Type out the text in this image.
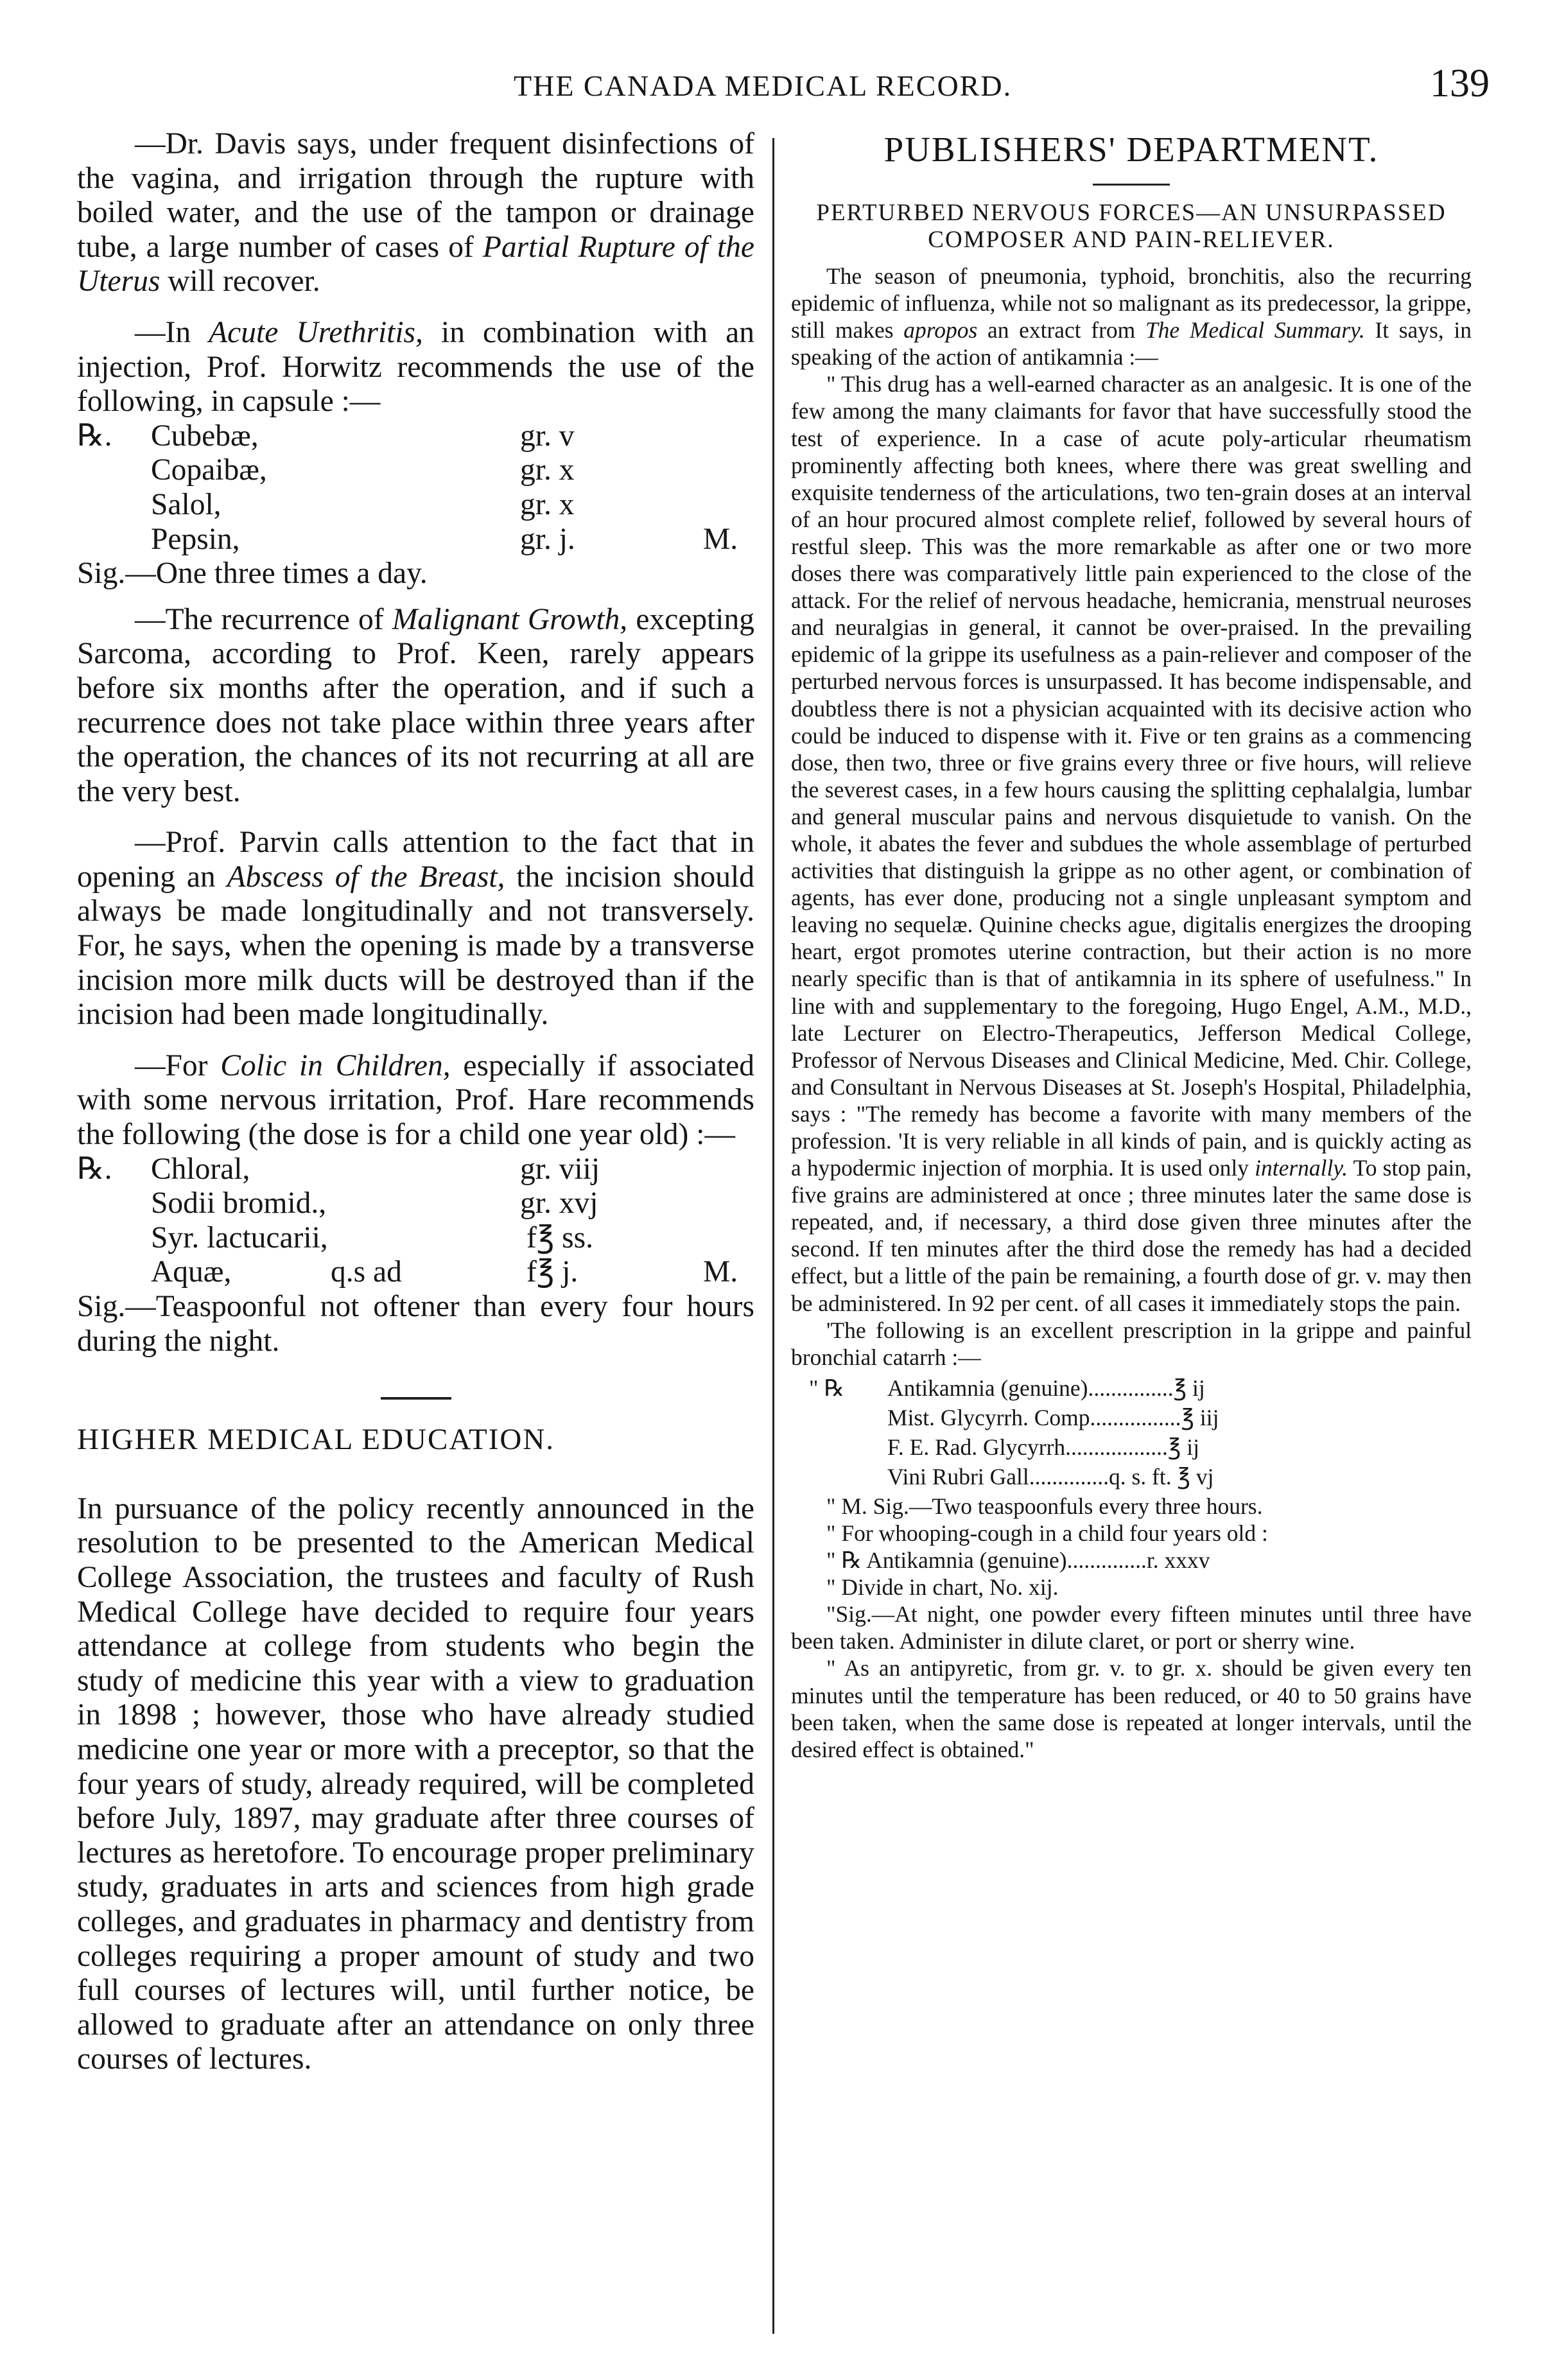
THE CANADA MEDICAL RECORD.	139

—Dr. Davis says, under frequent disinfections of the vagina, and irrigation through the rupture with boiled water, and the use of the tampon or drainage tube, a large number of cases of Partial Rupture of the Uterus will recover.

—In Acute Urethritis, in combination with an injection, Prof. Horwitz recommends the use of the following, in capsule :—

℞. Cubebæ,	gr. v
Copaibæ,	gr. x
Salol,	gr. x
Pepsin,	gr. j.	M.

Sig.—One three times a day.

—The recurrence of Malignant Growth, excepting Sarcoma, according to Prof. Keen, rarely appears before six months after the operation, and if such a recurrence does not take place within three years after the operation, the chances of its not recurring at all are the very best.

—Prof. Parvin calls attention to the fact that in opening an Abscess of the Breast, the incision should always be made longitudinally and not transversely. For, he says, when the opening is made by a transverse incision more milk ducts will be destroyed than if the incision had been made longitudinally.

—For Colic in Children, especially if associated with some nervous irritation, Prof. Hare recommends the following (the dose is for a child one year old) :—

℞. Chloral,	gr. viij
Sodii bromid.,	gr. xvj
Syr. lactucarii,	f℥ ss.
Aquæ,	q.s ad	f℥ j.	M.

Sig.—Teaspoonful not oftener than every four hours during the night.

HIGHER MEDICAL EDUCATION.

In pursuance of the policy recently announced in the resolution to be presented to the American Medical College Association, the trustees and faculty of Rush Medical College have decided to require four years attendance at college from students who begin the study of medicine this year with a view to graduation in 1898 ; however, those who have already studied medicine one year or more with a preceptor, so that the four years of study, already required, will be completed before July, 1897, may graduate after three courses of lectures as heretofore. To encourage proper preliminary study, graduates in arts and sciences from high grade colleges, and graduates in pharmacy and dentistry from colleges requiring a proper amount of study and two full courses of lectures will, until further notice, be allowed to graduate after an attendance on only three courses of lectures.

PUBLISHERS' DEPARTMENT.

PERTURBED NERVOUS FORCES—AN UNSURPASSED COMPOSER AND PAIN-RELIEVER.

The season of pneumonia, typhoid, bronchitis, also the recurring epidemic of influenza, while not so malignant as its predecessor, la grippe, still makes apropos an extract from The Medical Summary. It says, in speaking of the action of antikamnia :—

" This drug has a well-earned character as an analgesic. It is one of the few among the many claimants for favor that have successfully stood the test of experience. In a case of acute poly-articular rheumatism prominently affecting both knees, where there was great swelling and exquisite tenderness of the articulations, two ten-grain doses at an interval of an hour procured almost complete relief, followed by several hours of restful sleep. This was the more remarkable as after one or two more doses there was comparatively little pain experienced to the close of the attack. For the relief of nervous headache, hemicrania, menstrual neuroses and neuralgias in general, it cannot be over-praised. In the prevailing epidemic of la grippe its usefulness as a pain-reliever and composer of the perturbed nervous forces is unsurpassed. It has become indispensable, and doubtless there is not a physician acquainted with its decisive action who could be induced to dispense with it. Five or ten grains as a commencing dose, then two, three or five grains every three or five hours, will relieve the severest cases, in a few hours causing the splitting cephalalgia, lumbar and general muscular pains and nervous disquietude to vanish. On the whole, it abates the fever and subdues the whole assemblage of perturbed activities that distinguish la grippe as no other agent, or combination of agents, has ever done, producing not a single unpleasant symptom and leaving no sequelæ. Quinine checks ague, digitalis energizes the drooping heart, ergot promotes uterine contraction, but their action is no more nearly specific than is that of antikamnia in its sphere of usefulness." In line with and supplementary to the foregoing, Hugo Engel, A.M., M.D., late Lecturer on Electro-Therapeutics, Jefferson Medical College, Professor of Nervous Diseases and Clinical Medicine, Med. Chir. College, and Consultant in Nervous Diseases at St. Joseph's Hospital, Philadelphia, says : "The remedy has become a favorite with many members of the profession. 'It is very reliable in all kinds of pain, and is quickly acting as a hypodermic injection of morphia. It is used only internally. To stop pain, five grains are administered at once ; three minutes later the same dose is repeated, and, if necessary, a third dose given three minutes after the second. If ten minutes after the third dose the remedy has had a decided effect, but a little of the pain be remaining, a fourth dose of gr. v. may then be administered. In 92 per cent. of all cases it immediately stops the pain.

'The following is an excellent prescription in la grippe and painful bronchial catarrh :—

" ℞ Antikamnia (genuine)...............℥ ij
Mist. Glycyrrh. Comp................℥ iij
F. E. Rad. Glycyrrh..................℥ ij
Vini Rubri Gall..............q. s. ft. ℥ vj

" M. Sig.—Two teaspoonfuls every three hours.

" For whooping-cough in a child four years old :

" ℞ Antikamnia (genuine)..............r. xxxv

" Divide in chart, No. xij.

"Sig.—At night, one powder every fifteen minutes until three have been taken. Administer in dilute claret, or port or sherry wine.

" As an antipyretic, from gr. v. to gr. x. should be given every ten minutes until the temperature has been reduced, or 40 to 50 grains have been taken, when the same dose is repeated at longer intervals, until the desired effect is obtained."
